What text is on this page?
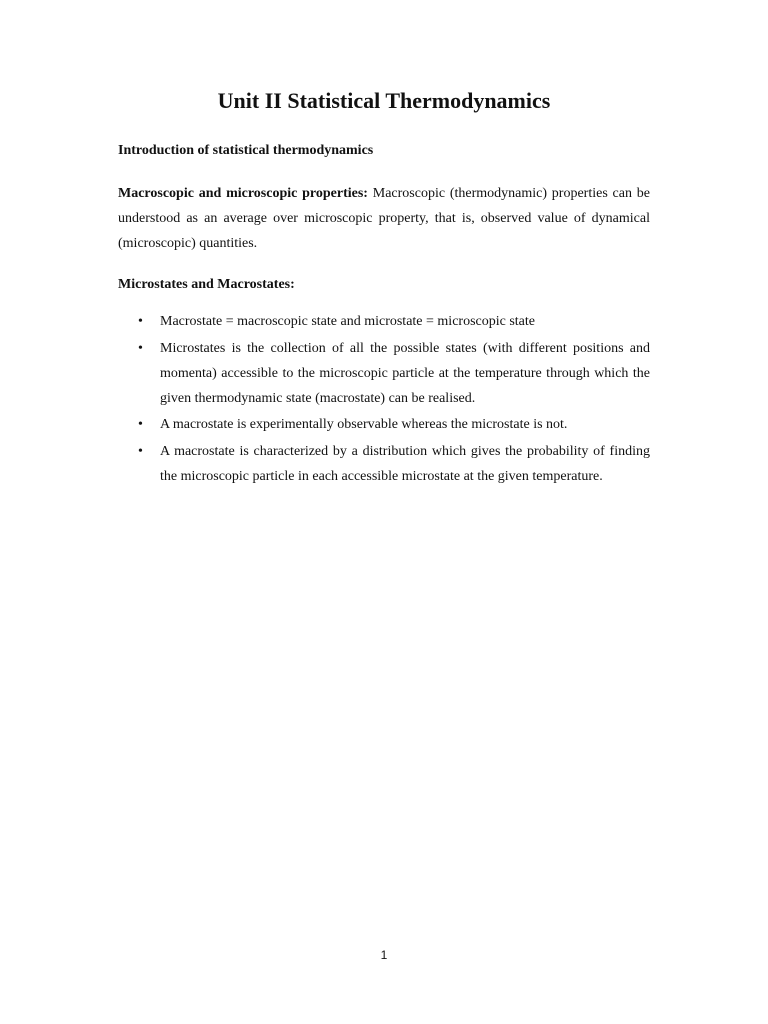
Unit II Statistical Thermodynamics

Introduction of statistical thermodynamics

Macroscopic and microscopic properties: Macroscopic (thermodynamic) properties can be understood as an average over microscopic property, that is, observed value of dynamical (microscopic) quantities.

Microstates and Macrostates:

• Macrostate = macroscopic state and microstate = microscopic state
• Microstates is the collection of all the possible states (with different positions and momenta) accessible to the microscopic particle at the temperature through which the given thermodynamic state (macrostate) can be realised.
• A macrostate is experimentally observable whereas the microstate is not.
• A macrostate is characterized by a distribution which gives the probability of finding the microscopic particle in each accessible microstate at the given temperature.
1
